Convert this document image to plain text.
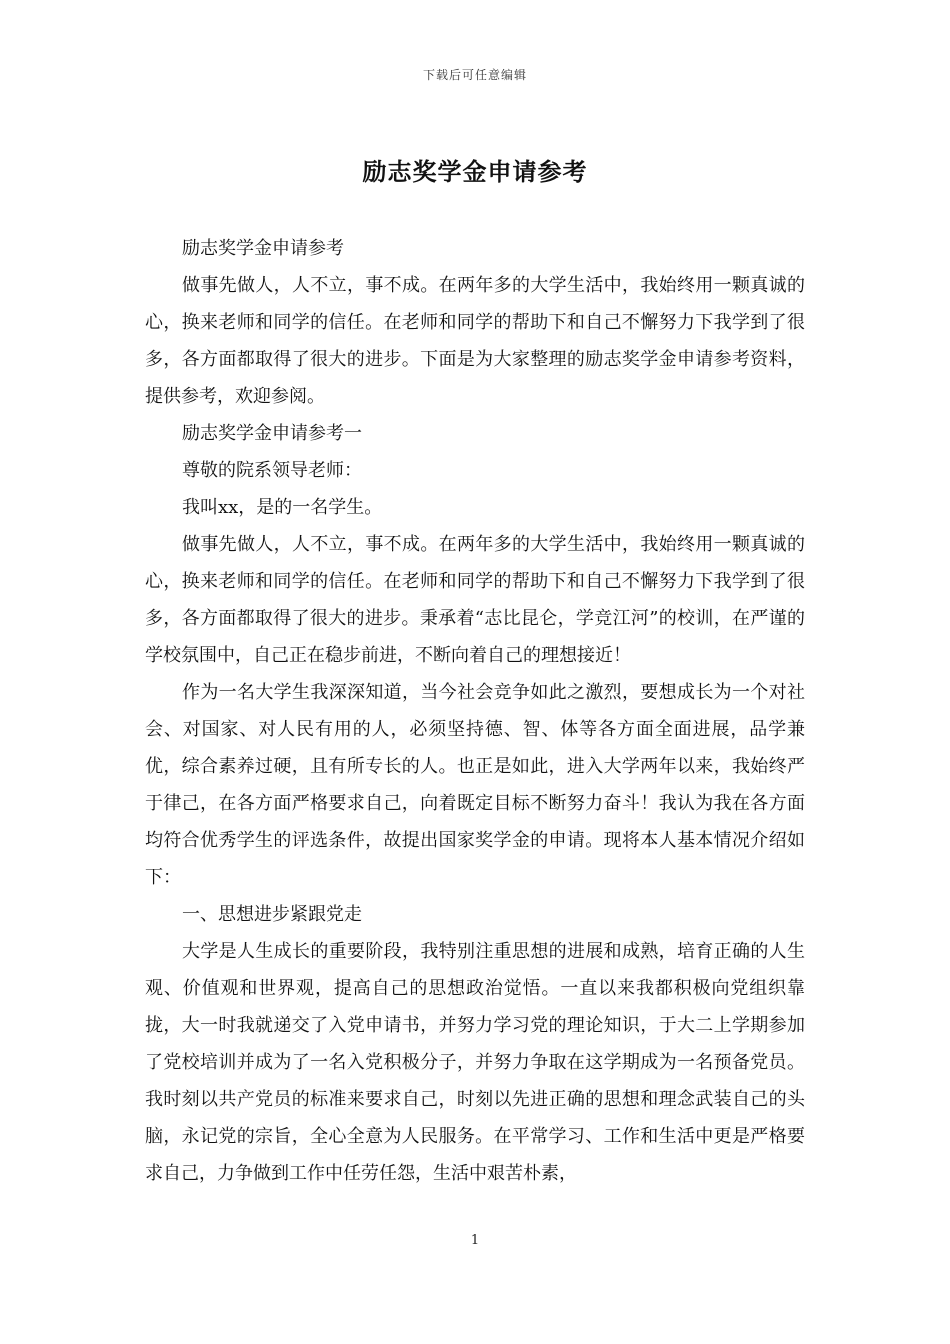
下载后可任意编辑
励志奖学金申请参考

励志奖学金申请参考

做事先做人，人不立，事不成。在两年多的大学生活中，我始终用一颗真诚的心，换来老师和同学的信任。在老师和同学的帮助下和自己不懈努力下我学到了很多，各方面都取得了很大的进步。下面是为大家整理的励志奖学金申请参考资料，提供参考，欢迎参阅。

励志奖学金申请参考一

尊敬的院系领导老师：

我叫xx，是的一名学生。

做事先做人，人不立，事不成。在两年多的大学生活中，我始终用一颗真诚的心，换来老师和同学的信任。在老师和同学的帮助下和自己不懈努力下我学到了很多，各方面都取得了很大的进步。秉承着“志比昆仑，学竞江河”的校训，在严谨的学校氛围中，自己正在稳步前进，不断向着自己的理想接近！

作为一名大学生我深深知道，当今社会竞争如此之激烈，要想成长为一个对社会、对国家、对人民有用的人，必须坚持德、智、体等各方面全面进展，品学兼优，综合素养过硬，且有所专长的人。也正是如此，进入大学两年以来，我始终严于律己，在各方面严格要求自己，向着既定目标不断努力奋斗！我认为我在各方面均符合优秀学生的评选条件，故提出国家奖学金的申请。现将本人基本情况介绍如下：

一、思想进步紧跟党走

大学是人生成长的重要阶段，我特别注重思想的进展和成熟，培育正确的人生观、价值观和世界观，提高自己的思想政治觉悟。一直以来我都积极向党组织靠拢，大一时我就递交了入党申请书，并努力学习党的理论知识，于大二上学期参加了党校培训并成为了一名入党积极分子，并努力争取在这学期成为一名预备党员。我时刻以共产党员的标准来要求自己，时刻以先进正确的思想和理念武装自己的头脑，永记党的宗旨，全心全意为人民服务。在平常学习、工作和生活中更是严格要求自己，力争做到工作中任劳任怨，生活中艰苦朴素，

1
